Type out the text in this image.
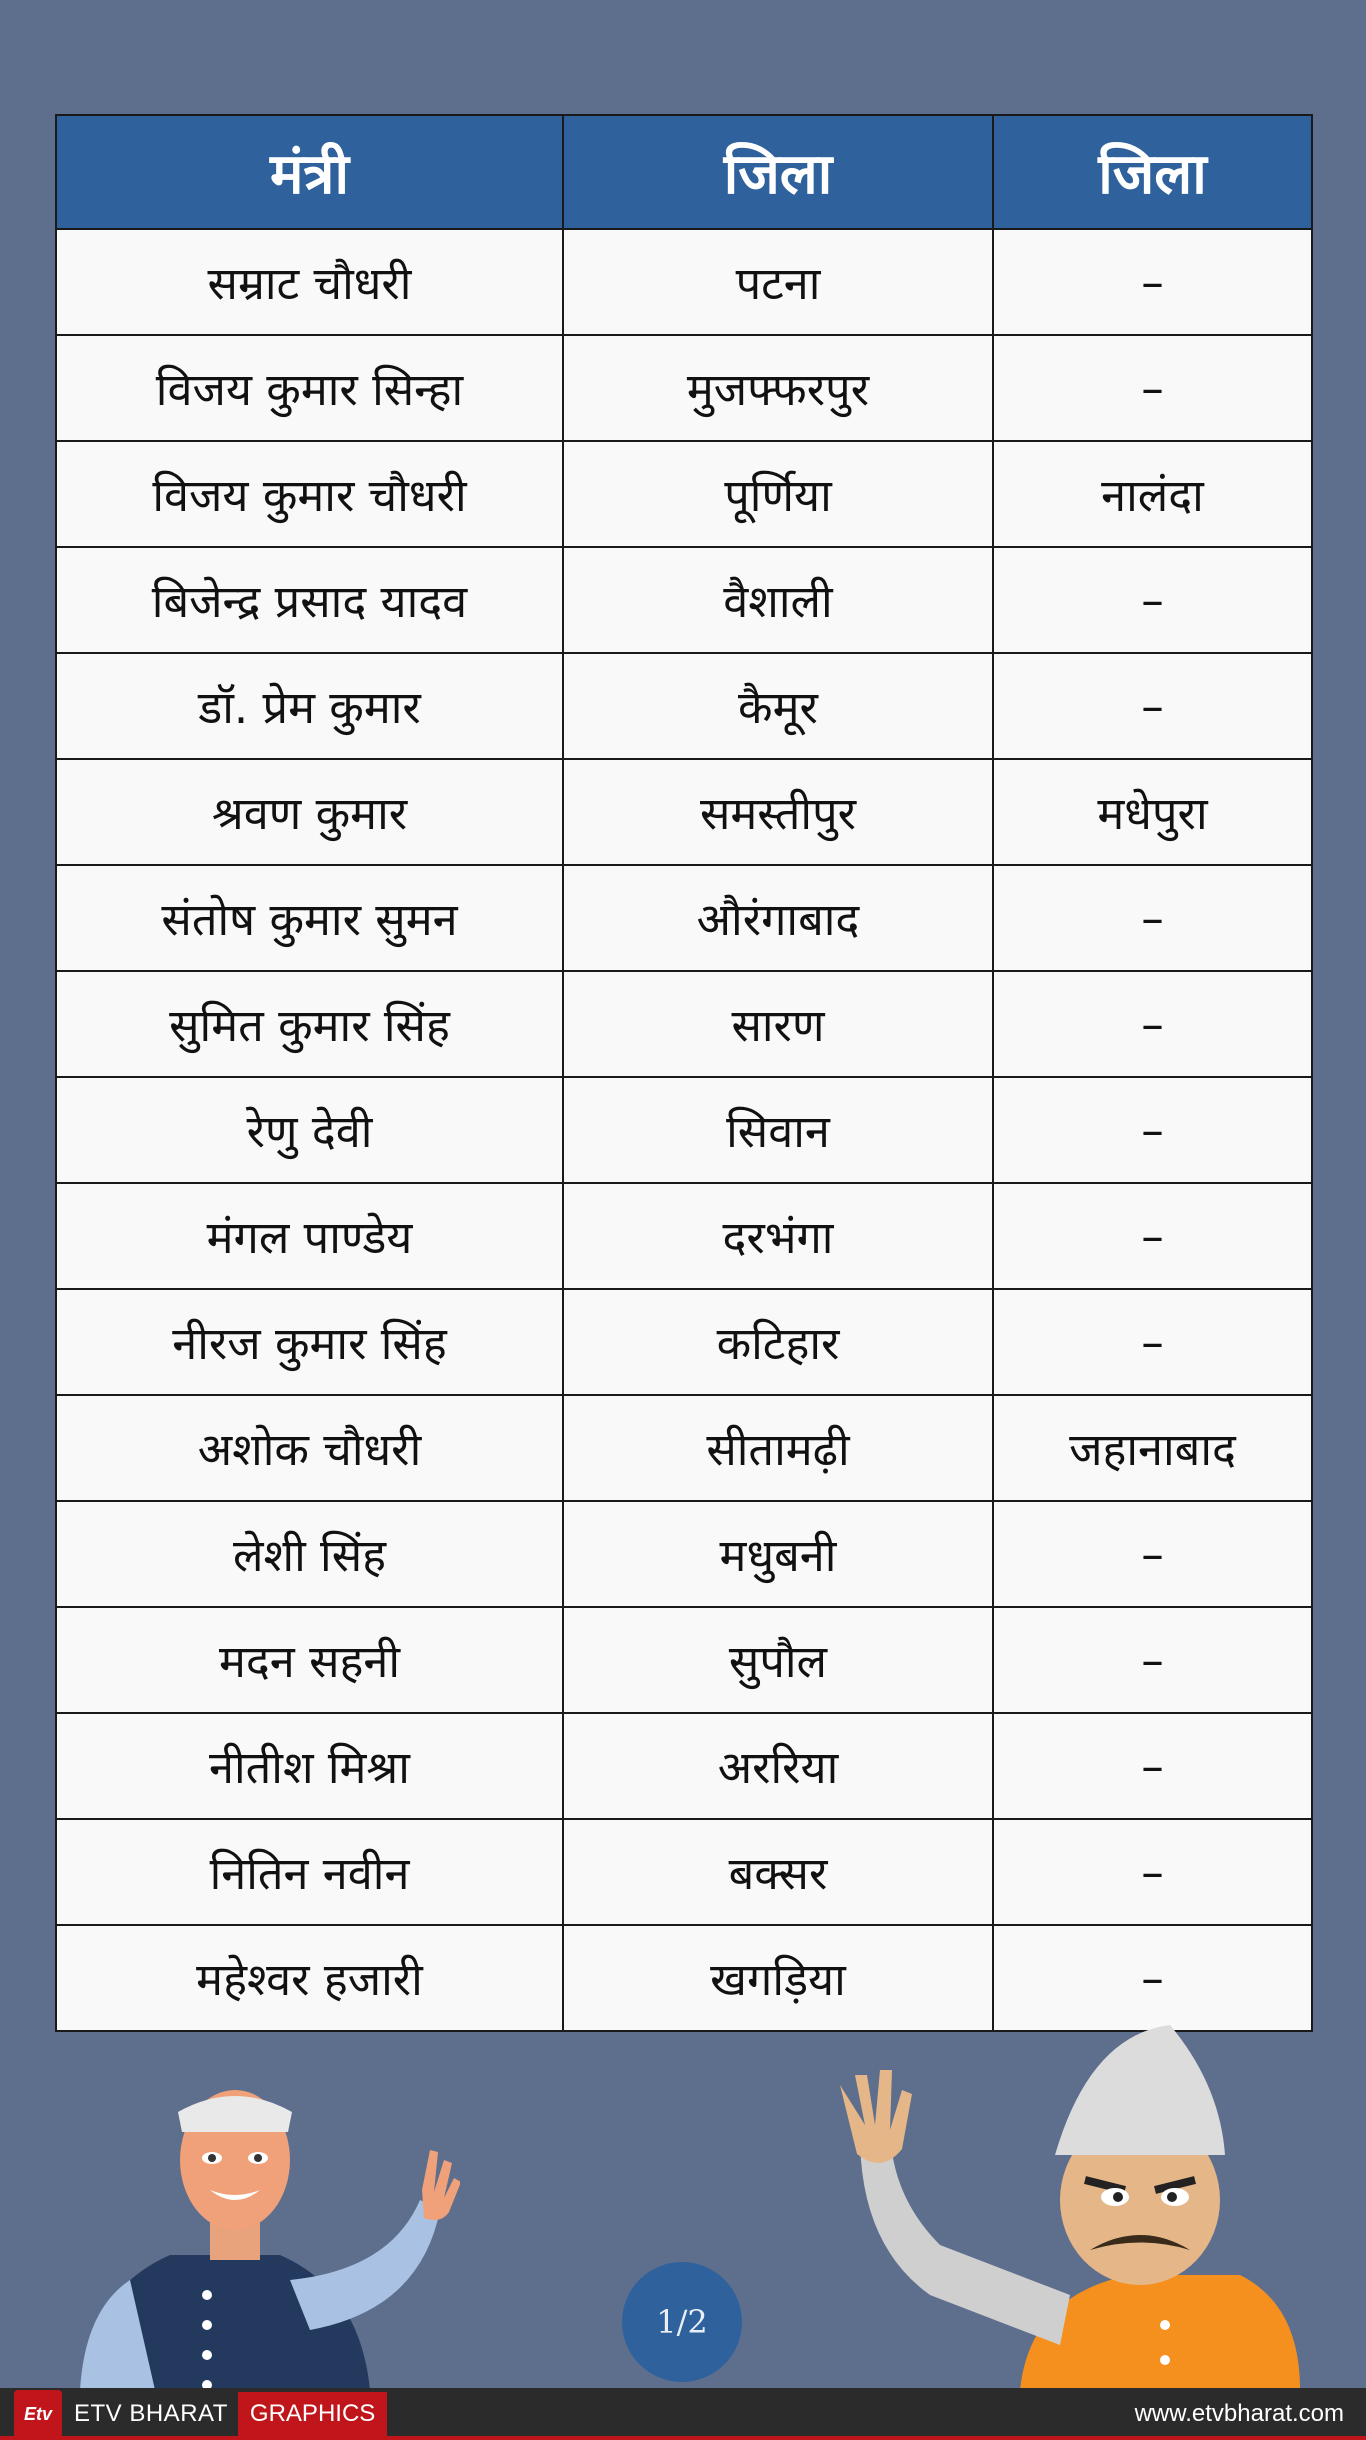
मंत्री	जिला	जिला
सम्राट चौधरी	पटना	–
विजय कुमार सिन्हा	मुजफ्फरपुर	–
विजय कुमार चौधरी	पूर्णिया	नालंदा
बिजेन्द्र प्रसाद यादव	वैशाली	–
डॉ. प्रेम कुमार	कैमूर	–
श्रवण कुमार	समस्तीपुर	मधेपुरा
संतोष कुमार सुमन	औरंगाबाद	–
सुमित कुमार सिंह	सारण	–
रेणु देवी	सिवान	–
मंगल पाण्डेय	दरभंगा	–
नीरज कुमार सिंह	कटिहार	–
अशोक चौधरी	सीतामढ़ी	जहानाबाद
लेशी सिंह	मधुबनी	–
मदन सहनी	सुपौल	–
नीतीश मिश्रा	अररिया	–
नितिन नवीन	बक्सर	–
महेश्वर हजारी	खगड़िया	–
1/2
Etv ETV BHARAT GRAPHICS	www.etvbharat.com
